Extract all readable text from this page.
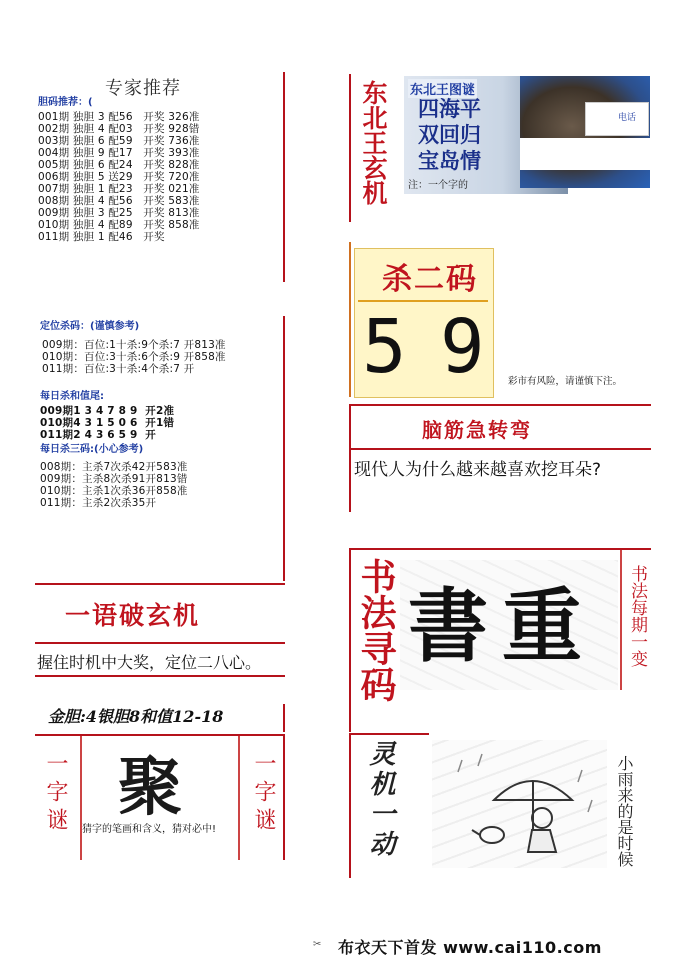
专家推荐
胆码推荐：(
001期 独胆 3 配56   开奖 326准
002期 独胆 4 配03   开奖 928错
003期 独胆 6 配59   开奖 736准
004期 独胆 9 配17   开奖 393准
005期 独胆 6 配24   开奖 828准
006期 独胆 5 送29   开奖 720准
007期 独胆 1 配23   开奖 021准
008期 独胆 4 配56   开奖 583准
009期 独胆 3 配25   开奖 813准
010期 独胆 4 配89   开奖 858准
011期 独胆 1 配46   开奖
定位杀码：(谨慎参考)
009期：百位:1十杀:9个杀:7 开813准
010期：百位:3十杀:6个杀:9 开858准
011期：百位:3十杀:4个杀:7 开
每日杀和值尾:
009期1 3 4 7 8 9  开2准
010期4 3 1 5 0 6  开1错
011期2 4 3 6 5 9  开
每日杀三码:(小心参考)
008期：主杀7次杀42开583准
009期：主杀8次杀91开813错
010期：主杀1次杀36开858准
011期：主杀2次杀35开
一语破玄机
握住时机中大奖，定位二八心。
金胆:4银胆8和值12-18
一字谜 聚
猜字的笔画和含义，猜对必中!	一字谜
东北王玄机	电话
东北王图谜
四海平
双回归
宝岛情
注：一个字的
杀二码
5 9 彩市有风险，请谨慎下注。
脑筋急转弯
现代人为什么越来越喜欢挖耳朵?
书法寻码 書重 书法每期一变
灵机一动	小雨来的是时候
✂ 布衣天下首发 www.cai110.com
